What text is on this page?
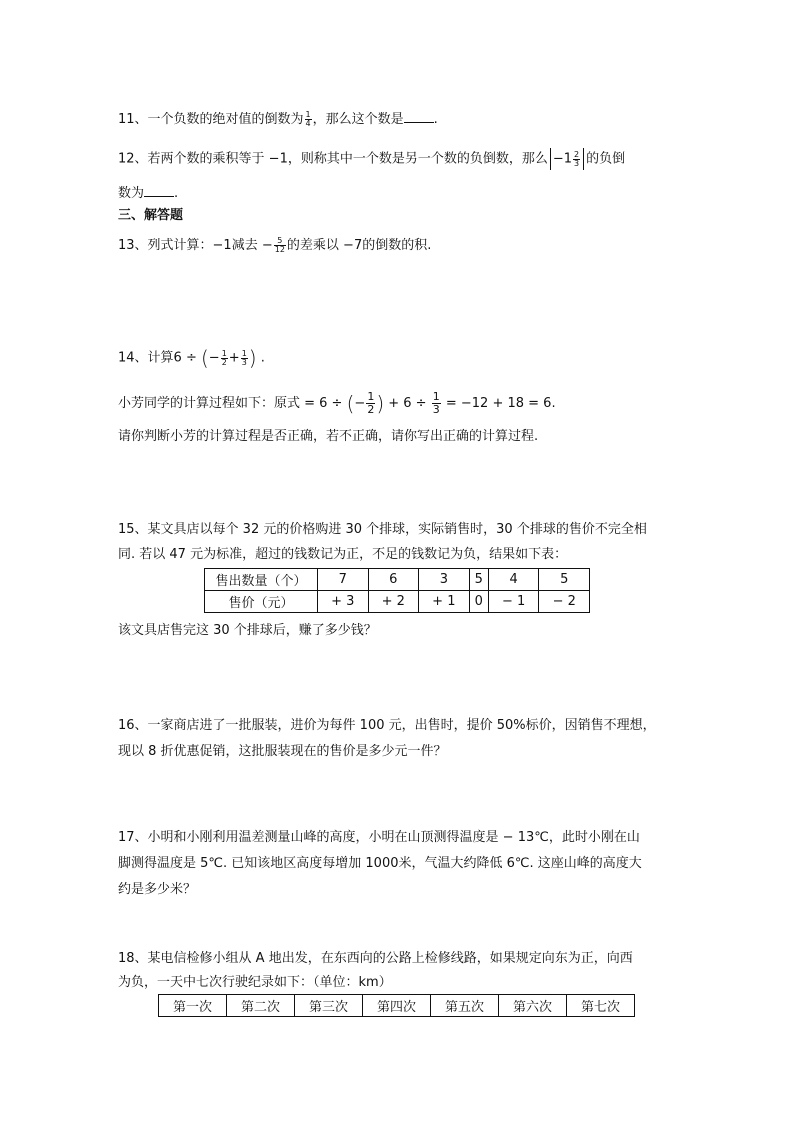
11、一个负数的绝对值的倒数为 $\frac{1}{4}$ ，那么这个数是 .
12、若两个数的乘积等于 −1，则称其中一个数是另一个数的负倒数，那么 $-1 \frac{2}{3}$ 的负倒
数为 .
三、解答题
13、列式计算：−1减去 − $\frac{5}{12}$ 的差乘以 −7的倒数的积.
14、计算6 ÷ (− $\frac{1}{2} + \frac{1}{3}$ ) .
小芳同学的计算过程如下：原式 = 6 ÷ (− $\frac{1}{2}$ ) + $6 \div \frac{1}{3} = -12 + 18 = 6$.
请你判断小芳的计算过程是否正确，若不正确，请你写出正确的计算过程.
15、某文具店以每个 32 元的价格购进 30 个排球，实际销售时，30 个排球的售价不完全相
同. 若以 47 元为标准，超过的钱数记为正，不足的钱数记为负，结果如下表：
售出数量（个）	7	6	3	5	4	5
售价（元）	+ 3	+ 2	+ 1	0	− 1	− 2
该文具店售完这 30 个排球后，赚了多少钱？
16、一家商店进了一批服装，进价为每件 100 元，出售时，提价 50%标价，因销售不理想，
现以 8 折优惠促销，这批服装现在的售价是多少元一件？
17、小明和小刚利用温差测量山峰的高度，小明在山顶测得温度是 − 13℃，此时小刚在山
脚测得温度是 5℃. 已知该地区高度每增加 1000米，气温大约降低 6℃. 这座山峰的高度大
约是多少米？
18、某电信检修小组从 A 地出发，在东西向的公路上检修线路，如果规定向东为正，向西
为负，一天中七次行驶纪录如下：（单位：km）
第一次	第二次	第三次	第四次	第五次	第六次	第七次
